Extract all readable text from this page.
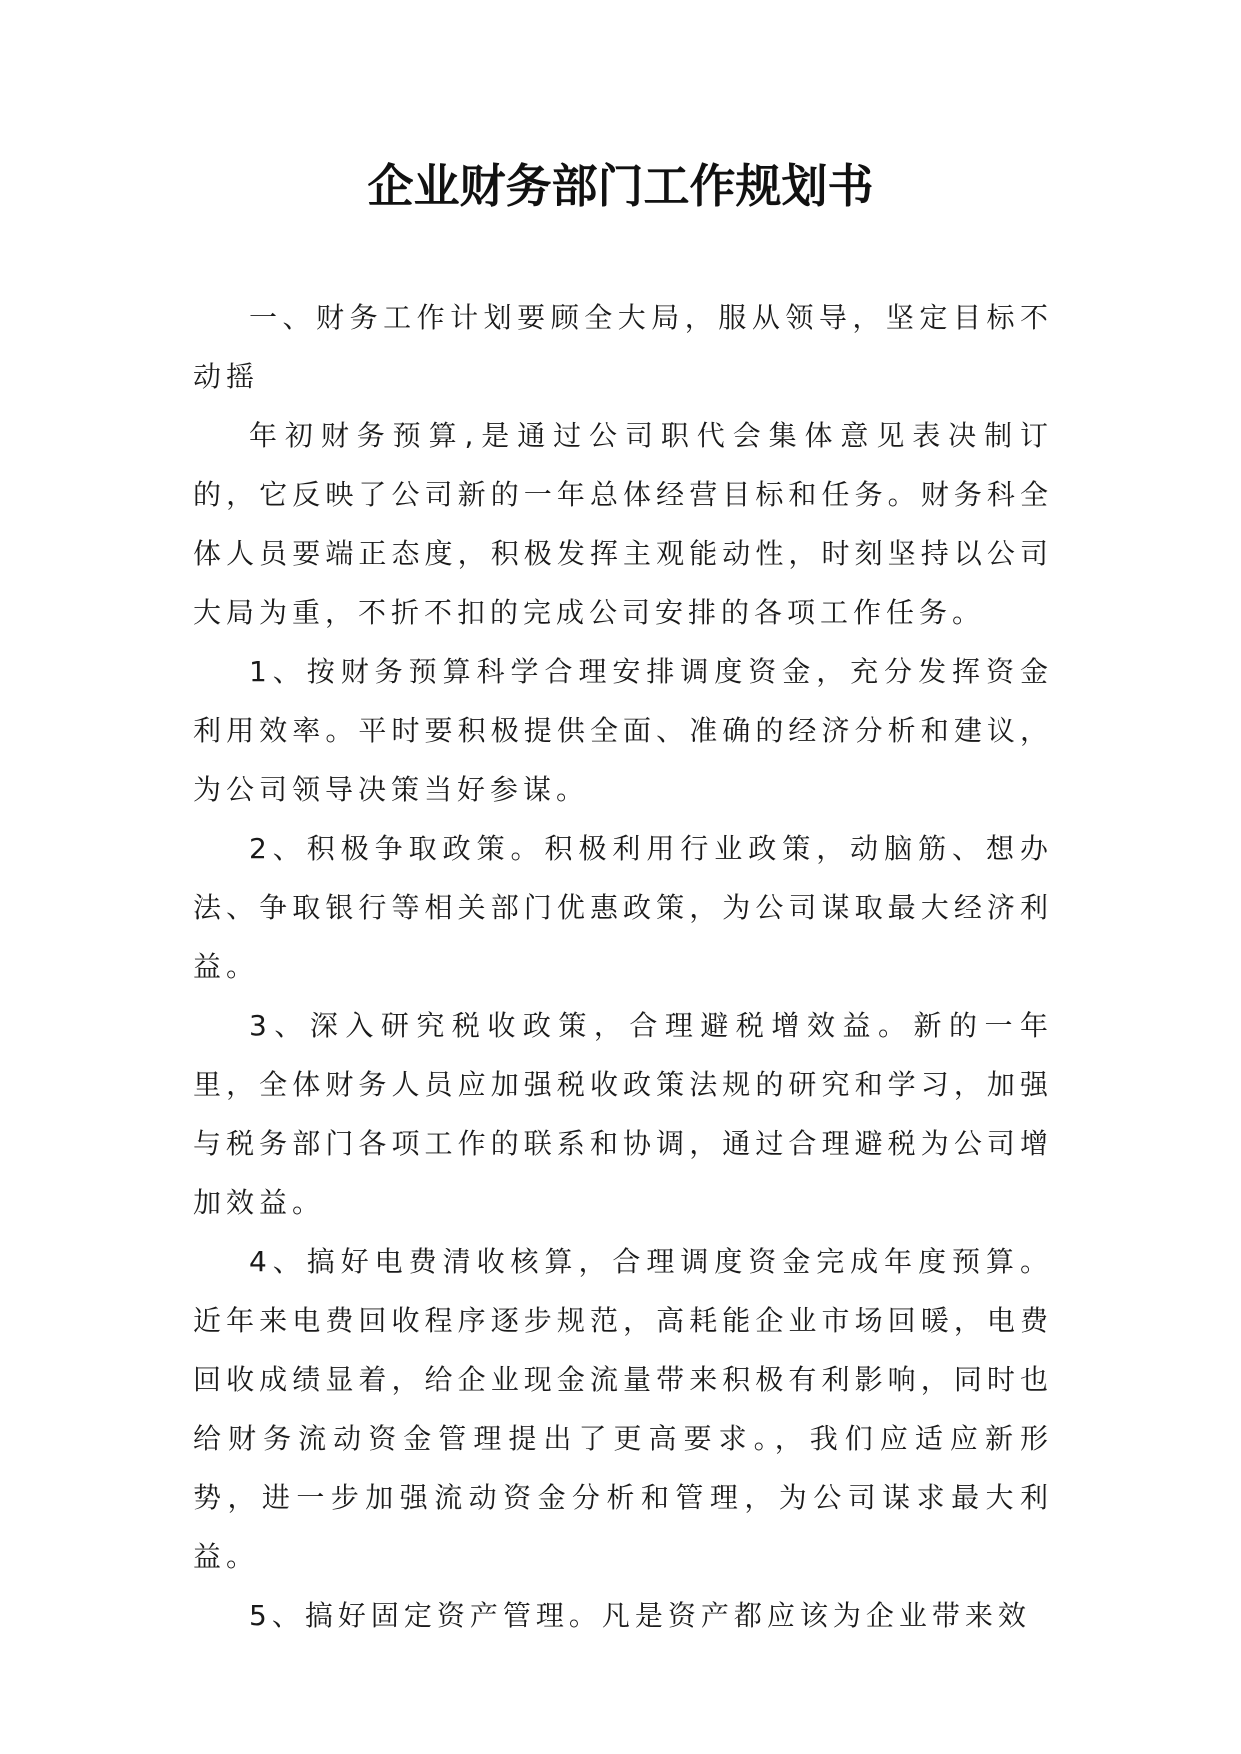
企业财务部门工作规划书

一、财务工作计划要顾全大局，服从领导，坚定目标不动摇

年初财务预算,是通过公司职代会集体意见表决制订的，它反映了公司新的一年总体经营目标和任务。财务科全体人员要端正态度，积极发挥主观能动性，时刻坚持以公司大局为重，不折不扣的完成公司安排的各项工作任务。

1、按财务预算科学合理安排调度资金，充分发挥资金利用效率。平时要积极提供全面、准确的经济分析和建议，为公司领导决策当好参谋。

2、积极争取政策。积极利用行业政策，动脑筋、想办法、争取银行等相关部门优惠政策，为公司谋取最大经济利益。

3、深入研究税收政策，合理避税增效益。新的一年里，全体财务人员应加强税收政策法规的研究和学习，加强与税务部门各项工作的联系和协调，通过合理避税为公司增加效益。

4、搞好电费清收核算，合理调度资金完成年度预算。近年来电费回收程序逐步规范，高耗能企业市场回暖，电费回收成绩显着，给企业现金流量带来积极有利影响，同时也给财务流动资金管理提出了更高要求。，我们应适应新形势，进一步加强流动资金分析和管理，为公司谋求最大利益。

5、搞好固定资产管理。凡是资产都应该为企业带来效
